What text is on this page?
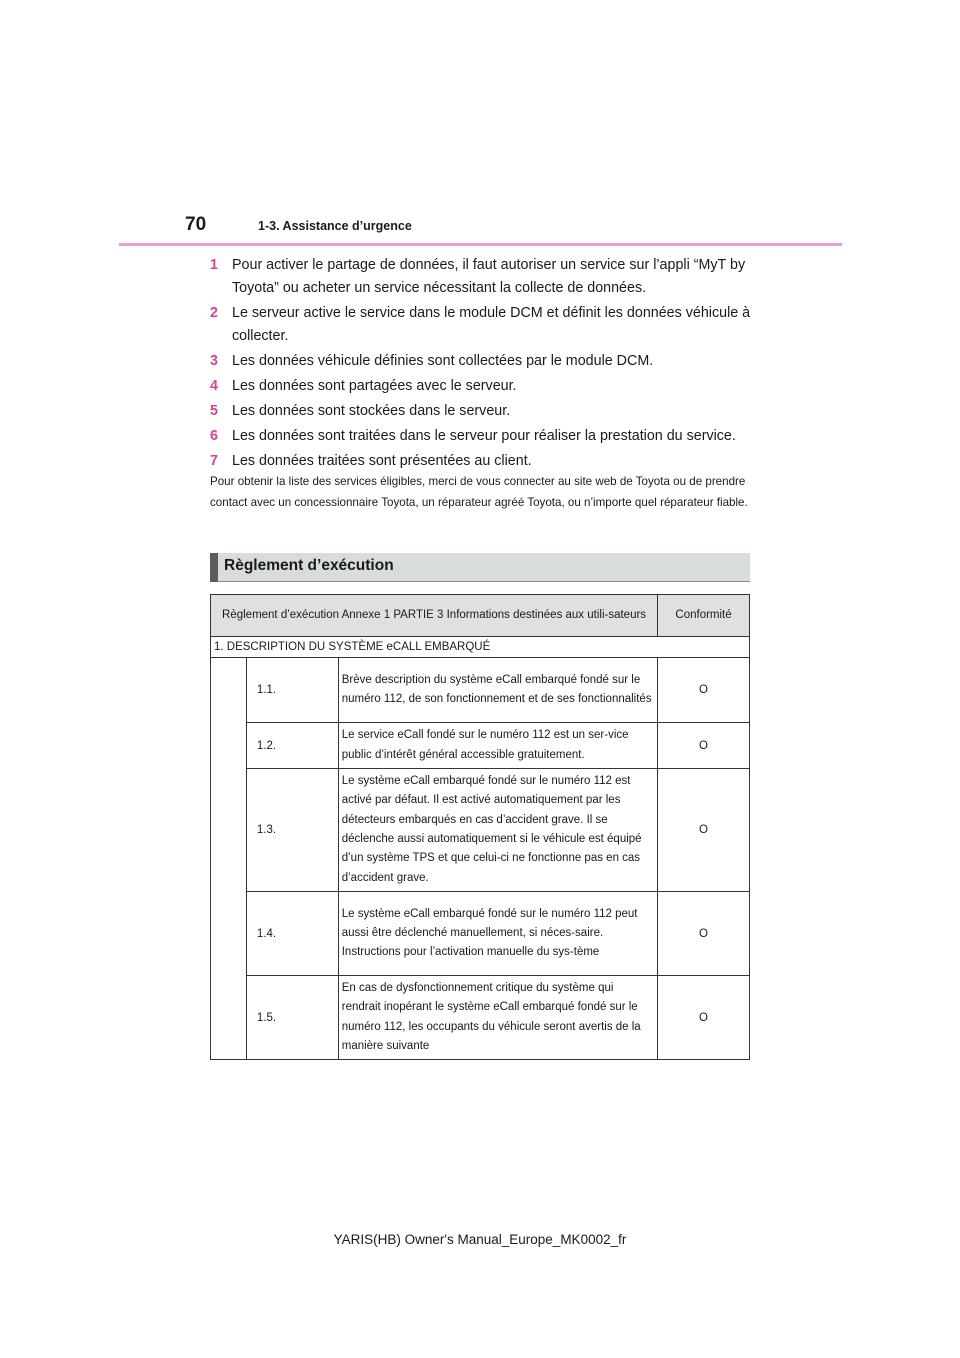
70	1-3. Assistance d’urgence
1 Pour activer le partage de données, il faut autoriser un service sur l’appli “MyT by Toyota” ou acheter un service nécessitant la collecte de données.
2 Le serveur active le service dans le module DCM et définit les données véhicule à collecter.
3 Les données véhicule définies sont collectées par le module DCM.
4 Les données sont partagées avec le serveur.
5 Les données sont stockées dans le serveur.
6 Les données sont traitées dans le serveur pour réaliser la prestation du service.
7 Les données traitées sont présentées au client.
Pour obtenir la liste des services éligibles, merci de vous connecter au site web de Toyota ou de prendre contact avec un concessionnaire Toyota, un réparateur agréé Toyota, ou n’importe quel réparateur fiable.
Règlement d’exécution
Règlement d’exécution Annexe 1 PARTIE 3 Informations destinées aux utili-sateurs			Conformité
1. DESCRIPTION DU SYSTÈME eCALL EMBARQUÉ			
	1.1.	Brève description du système eCall embarqué fondé sur le numéro 112, de son fonctionnement et de ses fonctionnalités	O
	1.2.	Le service eCall fondé sur le numéro 112 est un ser-vice public d’intérêt général accessible gratuitement.	O
	1.3.	Le système eCall embarqué fondé sur le numéro 112 est activé par défaut. Il est activé automatiquement par les détecteurs embarqués en cas d’accident grave. Il se déclenche aussi automatiquement si le véhicule est équipé d’un système TPS et que celui-ci ne fonctionne pas en cas d’accident grave.	O
	1.4.	Le système eCall embarqué fondé sur le numéro 112 peut aussi être déclenché manuellement, si néces-saire. Instructions pour l’activation manuelle du sys-tème	O
	1.5.	En cas de dysfonctionnement critique du système qui rendrait inopérant le système eCall embarqué fondé sur le numéro 112, les occupants du véhicule seront avertis de la manière suivante	O
YARIS(HB) Owner's Manual_Europe_MK0002_fr
